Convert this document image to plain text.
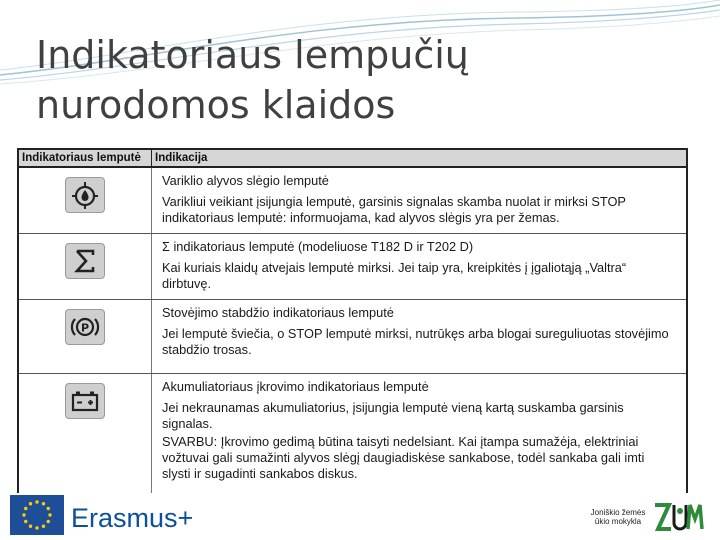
Indikatoriaus lempučių
nurodomos klaidos
Indikatoriaus lemputė	Indikacija

Variklio alyvos slėgio lemputė

Varikliui veikiant įsijungia lemputė, garsinis signalas skamba nuolat ir mirksi STOP indikatoriaus lemputė: informuojama, kad alyvos slėgis yra per žemas.

Σ indikatoriaus lemputė (modeliuose T182 D ir T202 D)

Kai kuriais klaidų atvejais lemputė mirksi. Jei taip yra, kreipkitės į įgaliotąją „Valtra“ dirbtuvę.

P

Stovėjimo stabdžio indikatoriaus lemputė

Jei lemputė šviečia, o STOP lemputė mirksi, nutrūkęs arba blogai sureguliuotas stovėjimo stabdžio trosas.

Akumuliatoriaus įkrovimo indikatoriaus lemputė

Jei nekraunamas akumuliatorius, įsijungia lemputė vieną kartą suskamba garsinis signalas.

SVARBU: Įkrovimo gedimą būtina taisyti nedelsiant. Kai įtampa sumažėja, elektriniai vožtuvai gali sumažinti alyvos slėgį daugiadiskėse sankabose, todėl sankaba gali imti slysti ir sugadinti sankabos diskus.

Erasmus+	Joniškio žemės
ūkio mokykla
